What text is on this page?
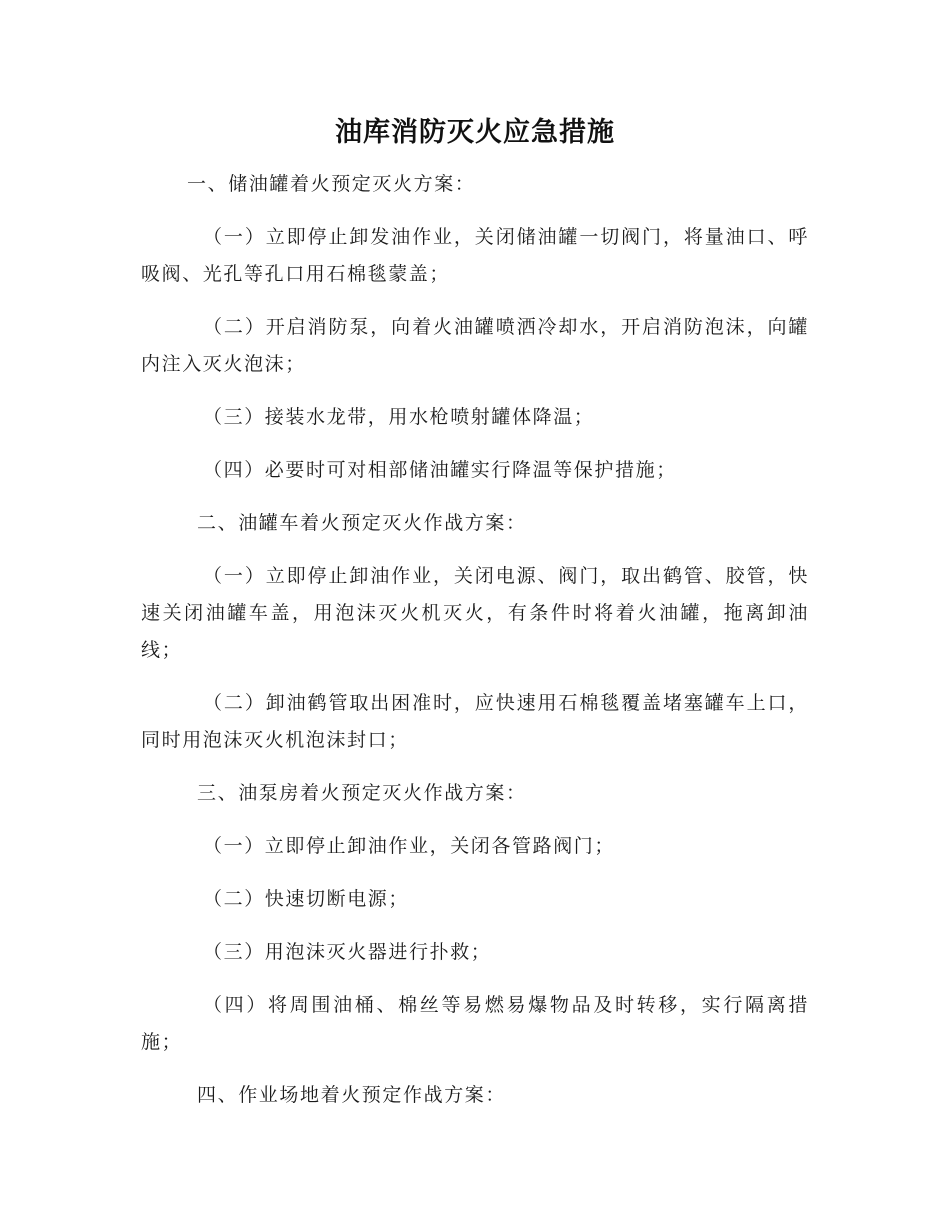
油库消防灭火应急措施

一、储油罐着火预定灭火方案：

（一）立即停止卸发油作业，关闭储油罐一切阀门，将量油口、呼吸阀、光孔等孔口用石棉毯蒙盖；

（二）开启消防泵，向着火油罐喷洒冷却水，开启消防泡沫，向罐内注入灭火泡沫；

（三）接装水龙带，用水枪喷射罐体降温；

（四）必要时可对相部储油罐实行降温等保护措施；

二、油罐车着火预定灭火作战方案：

（一）立即停止卸油作业，关闭电源、阀门，取出鹤管、胶管，快速关闭油罐车盖，用泡沫灭火机灭火，有条件时将着火油罐，拖离卸油线；

（二）卸油鹤管取出困准时，应快速用石棉毯覆盖堵塞罐车上口，同时用泡沫灭火机泡沫封口；

三、油泵房着火预定灭火作战方案：

（一）立即停止卸油作业，关闭各管路阀门；

（二）快速切断电源；

（三）用泡沫灭火器进行扑救；

（四）将周围油桶、棉丝等易燃易爆物品及时转移，实行隔离措施；

四、作业场地着火预定作战方案：
